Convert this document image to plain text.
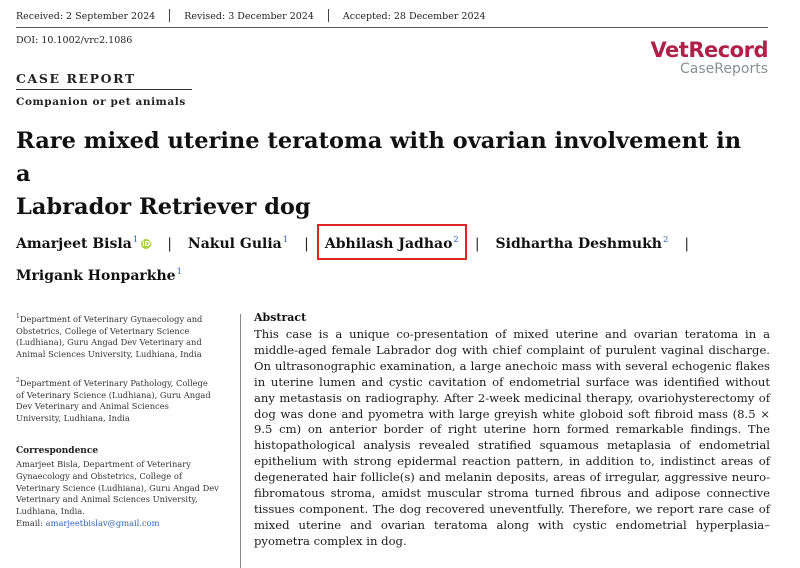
Received: 2 September 2024	Revised: 3 December 2024	Accepted: 28 December 2024
DOI: 10.1002/vrc2.1086	VetRecord
CaseReports
CASE REPORT
Companion or pet animals
Rare mixed uterine teratoma with ovarian involvement in a
Labrador Retriever dog
Amarjeet Bisla$^1$ iD | Nakul Gulia$^1$ | Abhilash Jadhao$^2$ | Sidhartha Deshmukh$^2$ |
Mrigank Honparkhe$^1$
$^1$Department of Veterinary Gynaecology and Obstetrics, College of Veterinary Science (Ludhiana), Guru Angad Dev Veterinary and Animal Sciences University, Ludhiana, India
$^2$Department of Veterinary Pathology, College of Veterinary Science (Ludhiana), Guru Angad Dev Veterinary and Animal Sciences University, Ludhiana, India
Correspondence
Amarjeet Bisla, Department of Veterinary Gynaecology and Obstetrics, College of Veterinary Science (Ludhiana), Guru Angad Dev Veterinary and Animal Sciences University, Ludhiana, India.
Email: amarjeetbislav@gmail.com
Abstract
This case is a unique co-presentation of mixed uterine and ovarian teratoma in a middle-aged female Labrador dog with chief complaint of purulent vaginal discharge. On ultrasonographic examination, a large anechoic mass with several echogenic flakes in uterine lumen and cystic cavitation of endometrial surface was identified without any metastasis on radiography. After 2-week medicinal therapy, ovariohysterectomy of dog was done and pyometra with large greyish white globoid soft fibroid mass (8.5 × 9.5 cm) on anterior border of right uterine horn formed remarkable findings. The histopathological analysis revealed stratified squamous metaplasia of endometrial epithelium with strong epidermal reaction pattern, in addition to, indistinct areas of degenerated hair follicle(s) and melanin deposits, areas of irregular, aggressive neuro-fibromatous stroma, amidst muscular stroma turned fibrous and adipose connective tissues component. The dog recovered uneventfully. Therefore, we report rare case of mixed uterine and ovarian teratoma along with cystic endometrial hyperplasia–pyometra complex in dog.
